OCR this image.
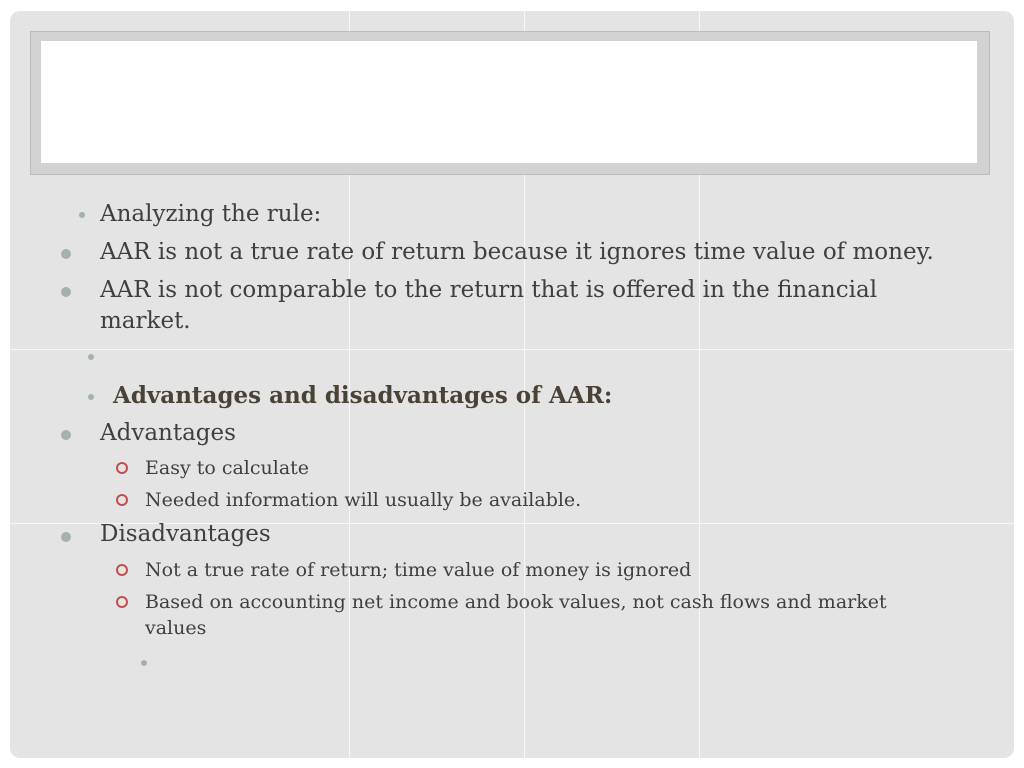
Analyzing the rule:
AAR is not a true rate of return because it ignores time value of money.
AAR is not comparable to the return that is offered in the financial
market.
Advantages and disadvantages of AAR:
Advantages
Easy to calculate
Needed information will usually be available.
Disadvantages
Not a true rate of return; time value of money is ignored
Based on accounting net income and book values, not cash flows and market
values
